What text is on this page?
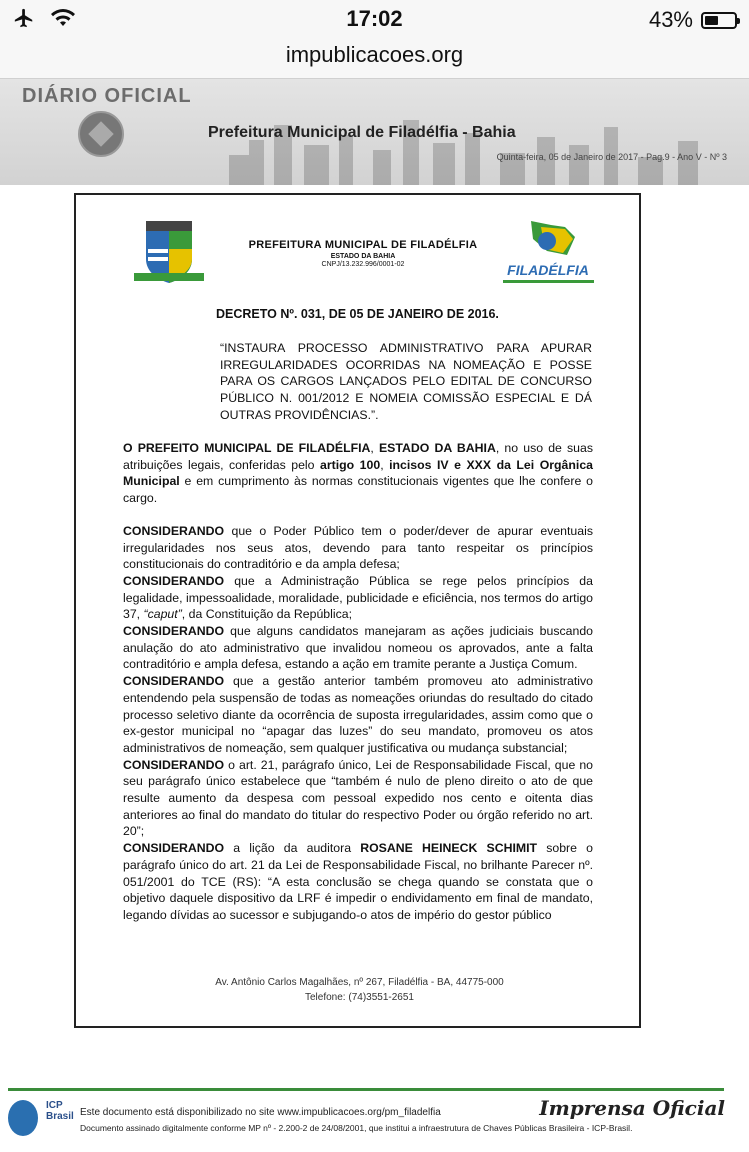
17:02	43%
impublicacoes.org
DIÁRIO OFICIAL
Prefeitura Municipal de Filadélfia - Bahia
Quinta-feira, 05 de Janeiro de 2017 - Pag.9 - Ano V - Nº 3
PREFEITURA MUNICIPAL DE FILADÉLFIA
ESTADO DA BAHIA
CNPJ/13.232.996/0001-02	FILADÉLFIA
DECRETO Nº. 031, DE 05 DE JANEIRO DE 2016.
“INSTAURA PROCESSO ADMINISTRATIVO PARA APURAR IRREGULARIDADES OCORRIDAS NA NOMEAÇÃO E POSSE PARA OS CARGOS LANÇADOS PELO EDITAL DE CONCURSO PÚBLICO N. 001/2012 E NOMEIA COMISSÃO ESPECIAL E DÁ OUTRAS PROVIDÊNCIAS.”.

O PREFEITO MUNICIPAL DE FILADÉLFIA, ESTADO DA BAHIA, no uso de suas atribuições legais, conferidas pelo artigo 100, incisos IV e XXX da Lei Orgânica Municipal e em cumprimento às normas constitucionais vigentes que lhe confere o cargo.

CONSIDERANDO que o Poder Público tem o poder/dever de apurar eventuais irregularidades nos seus atos, devendo para tanto respeitar os princípios constitucionais do contraditório e da ampla defesa;

CONSIDERANDO que a Administração Pública se rege pelos princípios da legalidade, impessoalidade, moralidade, publicidade e eficiência, nos termos do artigo 37, “caput”, da Constituição da República;

CONSIDERANDO que alguns candidatos manejaram as ações judiciais buscando anulação do ato administrativo que invalidou nomeou os aprovados, ante a falta contraditório e ampla defesa, estando a ação em tramite perante a Justiça Comum.

CONSIDERANDO que a gestão anterior também promoveu ato administrativo entendendo pela suspensão de todas as nomeações oriundas do resultado do citado processo seletivo diante da ocorrência de suposta irregularidades, assim como que o ex-gestor municipal no “apagar das luzes” do seu mandato, promoveu os atos administrativos de nomeação, sem qualquer justificativa ou mudança substancial;

CONSIDERANDO o art. 21, parágrafo único, Lei de Responsabilidade Fiscal, que no seu parágrafo único estabelece que “também é nulo de pleno direito o ato de que resulte aumento da despesa com pessoal expedido nos cento e oitenta dias anteriores ao final do mandato do titular do respectivo Poder ou órgão referido no art. 20”;

CONSIDERANDO a lição da auditora ROSANE HEINECK SCHIMIT sobre o parágrafo único do art. 21 da Lei de Responsabilidade Fiscal, no brilhante Parecer nº. 051/2001 do TCE (RS): “A esta conclusão se chega quando se constata que o objetivo daquele dispositivo da LRF é impedir o endividamento em final de mandato, legando dívidas ao sucessor e subjugando-o atos de império do gestor público

Av. Antônio Carlos Magalhães, nº 267, Filadélfia - BA, 44775-000
Telefone: (74)3551-2651
ICP Brasil Este documento está disponibilizado no site www.impublicacoes.org/pm_filadelfia
Documento assinado digitalmente conforme MP nº - 2.200-2 de 24/08/2001, que institui a infraestrutura de Chaves Públicas Brasileira - ICP-Brasil.
Imprensa Oficial
